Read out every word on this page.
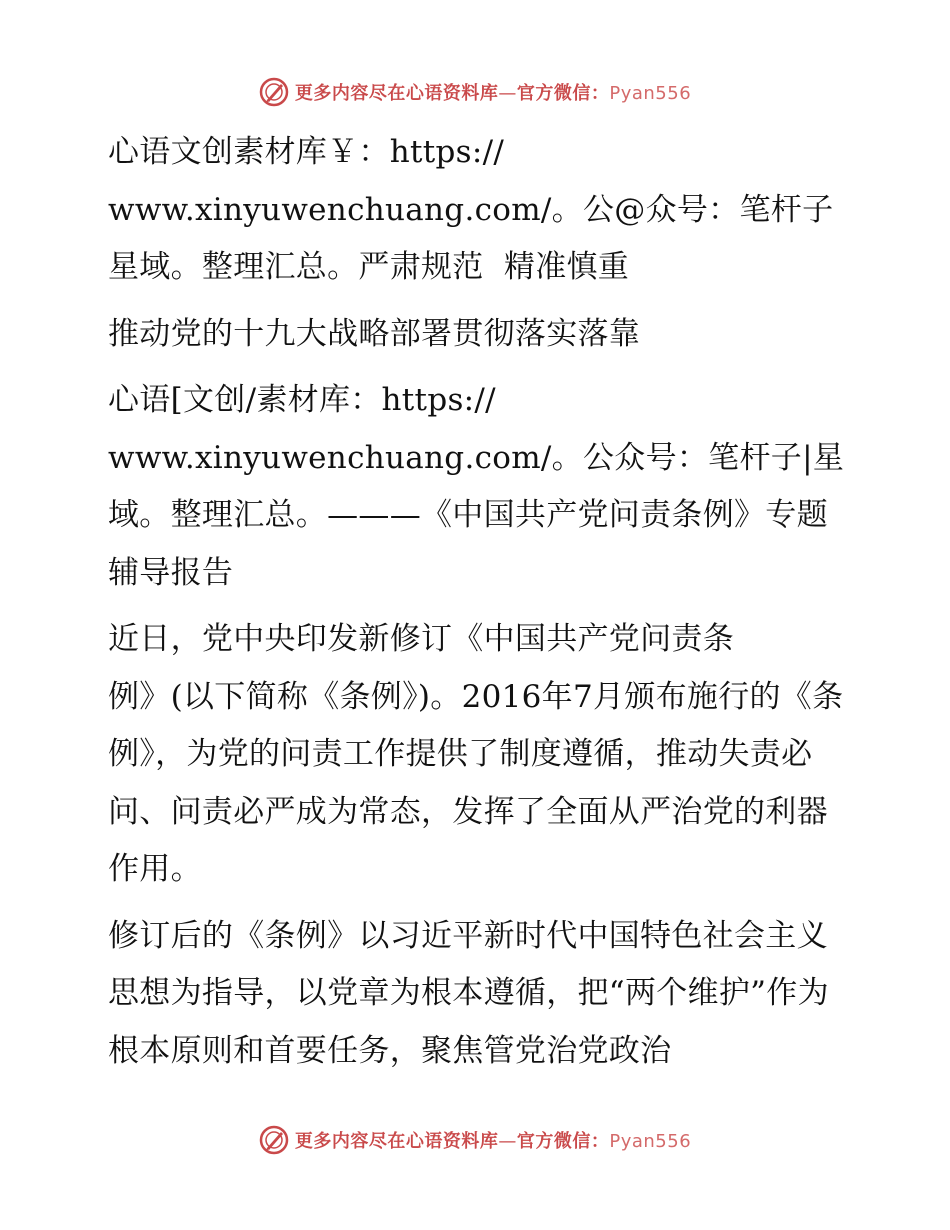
更多内容尽在心语资料库—官方微信：Pyan556

心语文创素材库￥：https://
www.xinyuwenchuang.com/。公@众号：笔杆子星域。整理汇总。严肃规范  精准慎重

推动党的十九大战略部署贯彻落实落靠

心语[文创/素材库：https://
www.xinyuwenchuang.com/。公众号：笔杆子|星域。整理汇总。———《中国共产党问责条例》专题辅导报告

近日，党中央印发新修订《中国共产党问责条
例》(以下简称《条例》)。2016年7月颁布施行的《条例》，为党的问责工作提供了制度遵循，推动失责必问、问责必严成为常态，发挥了全面从严治党的利器作用。

修订后的《条例》以习近平新时代中国特色社会主义思想为指导，以党章为根本遵循，把“两个维护”作为根本原则和首要任务，聚焦管党治党政治

更多内容尽在心语资料库—官方微信：Pyan556
